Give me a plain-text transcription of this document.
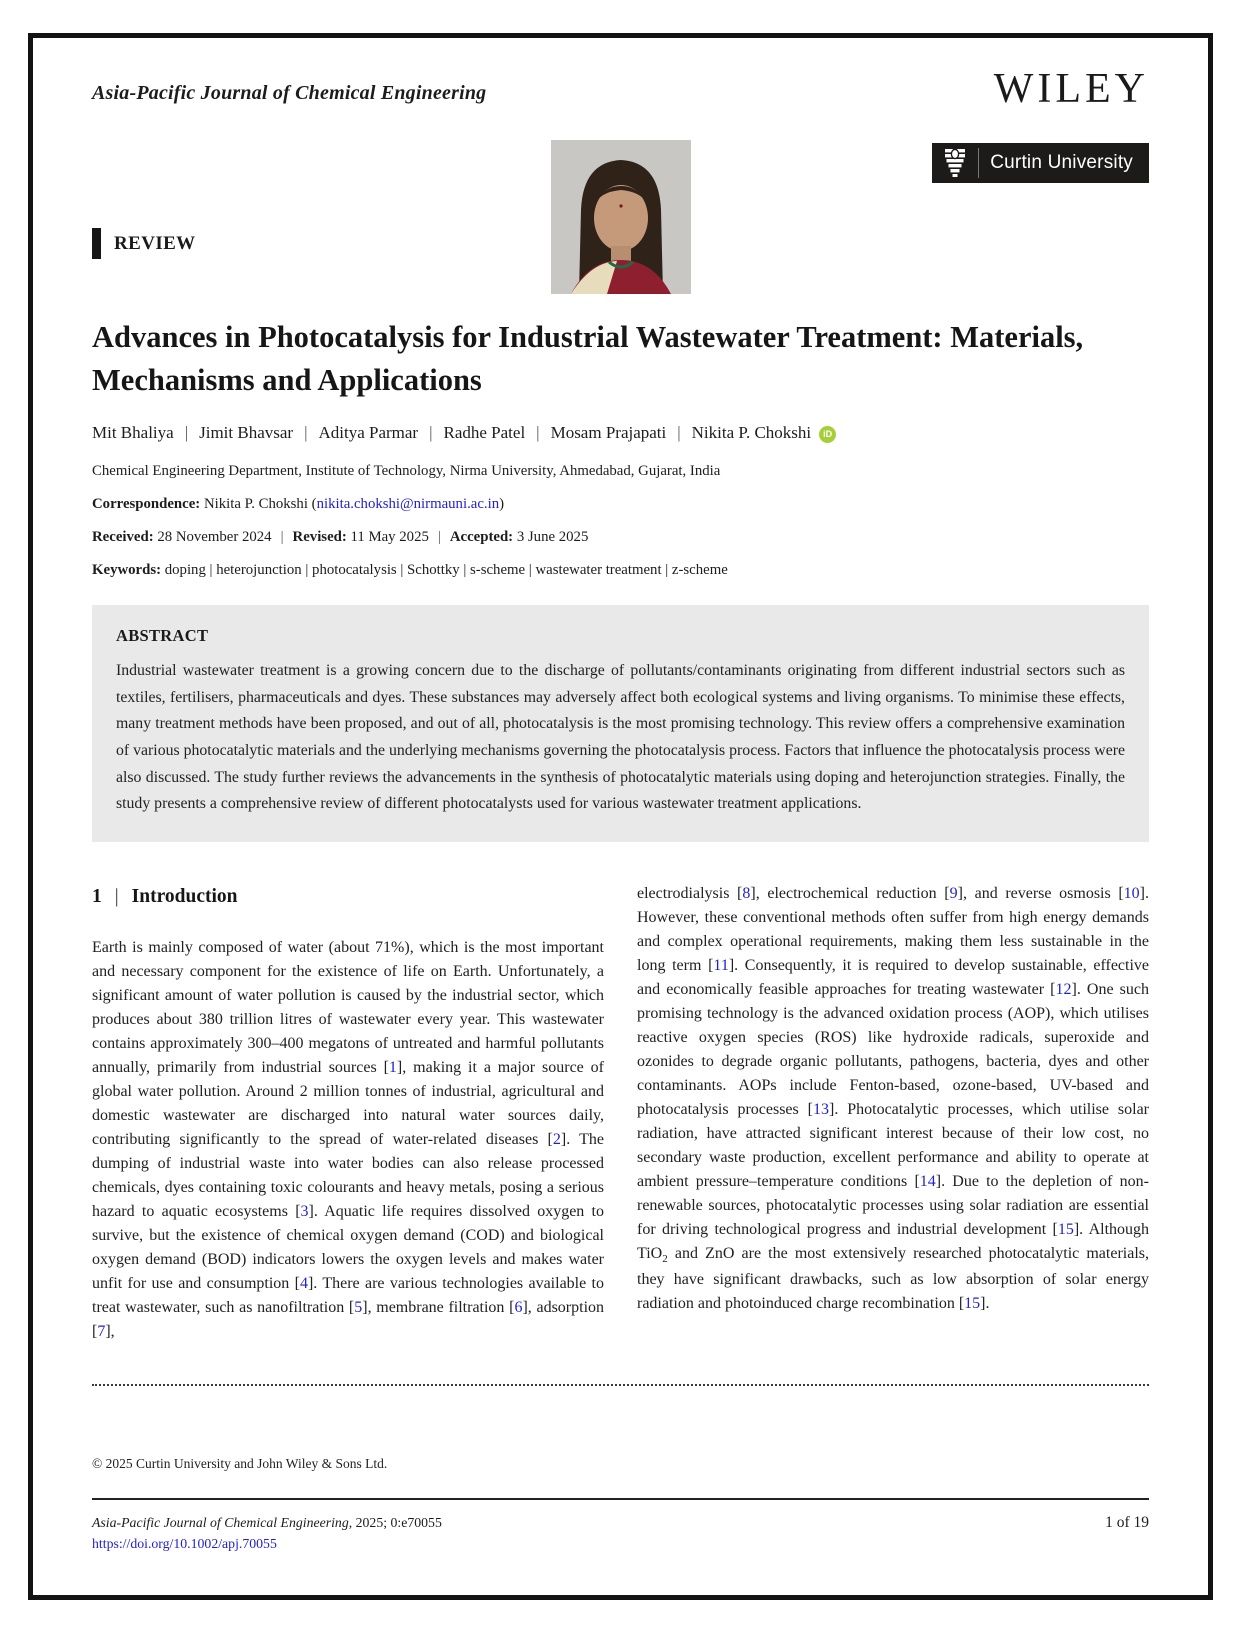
Asia-Pacific Journal of Chemical Engineering	WILEY
Curtin University
REVIEW
Advances in Photocatalysis for Industrial Wastewater Treatment: Materials, Mechanisms and Applications
Mit Bhaliya | Jimit Bhavsar | Aditya Parmar | Radhe Patel | Mosam Prajapati | Nikita P. Chokshi iD
Chemical Engineering Department, Institute of Technology, Nirma University, Ahmedabad, Gujarat, India
Correspondence: Nikita P. Chokshi (nikita.chokshi@nirmauni.ac.in)
Received: 28 November 2024 | Revised: 11 May 2025 | Accepted: 3 June 2025
Keywords: doping | heterojunction | photocatalysis | Schottky | s-scheme | wastewater treatment | z-scheme
ABSTRACT
Industrial wastewater treatment is a growing concern due to the discharge of pollutants/contaminants originating from different industrial sectors such as textiles, fertilisers, pharmaceuticals and dyes. These substances may adversely affect both ecological systems and living organisms. To minimise these effects, many treatment methods have been proposed, and out of all, photocatalysis is the most promising technology. This review offers a comprehensive examination of various photocatalytic materials and the underlying mechanisms governing the photocatalysis process. Factors that influence the photocatalysis process were also discussed. The study further reviews the advancements in the synthesis of photocatalytic materials using doping and heterojunction strategies. Finally, the study presents a comprehensive review of different photocatalysts used for various wastewater treatment applications.
1 | Introduction

Earth is mainly composed of water (about 71%), which is the most important and necessary component for the existence of life on Earth. Unfortunately, a significant amount of water pollution is caused by the industrial sector, which produces about 380 trillion litres of wastewater every year. This wastewater contains approximately 300–400 megatons of untreated and harmful pollutants annually, primarily from industrial sources [1], making it a major source of global water pollution. Around 2 million tonnes of industrial, agricultural and domestic wastewater are discharged into natural water sources daily, contributing significantly to the spread of water-related diseases [2]. The dumping of industrial waste into water bodies can also release processed chemicals, dyes containing toxic colourants and heavy metals, posing a serious hazard to aquatic ecosystems [3]. Aquatic life requires dissolved oxygen to survive, but the existence of chemical oxygen demand (COD) and biological oxygen demand (BOD) indicators lowers the oxygen levels and makes water unfit for use and consumption [4]. There are various technologies available to treat wastewater, such as nanofiltration [5], membrane filtration [6], adsorption [7],

electrodialysis [8], electrochemical reduction [9], and reverse osmosis [10]. However, these conventional methods often suffer from high energy demands and complex operational requirements, making them less sustainable in the long term [11]. Consequently, it is required to develop sustainable, effective and economically feasible approaches for treating wastewater [12]. One such promising technology is the advanced oxidation process (AOP), which utilises reactive oxygen species (ROS) like hydroxide radicals, superoxide and ozonides to degrade organic pollutants, pathogens, bacteria, dyes and other contaminants. AOPs include Fenton-based, ozone-based, UV-based and photocatalysis processes [13]. Photocatalytic processes, which utilise solar radiation, have attracted significant interest because of their low cost, no secondary waste production, excellent performance and ability to operate at ambient pressure–temperature conditions [14]. Due to the depletion of non-renewable sources, photocatalytic processes using solar radiation are essential for driving technological progress and industrial development [15]. Although TiO$_2$ and ZnO are the most extensively researched photocatalytic materials, they have significant drawbacks, such as low absorption of solar energy radiation and photoinduced charge recombination [15].

© 2025 Curtin University and John Wiley & Sons Ltd.
Asia-Pacific Journal of Chemical Engineering, 2025; 0:e70055
https://doi.org/10.1002/apj.70055
1 of 19
